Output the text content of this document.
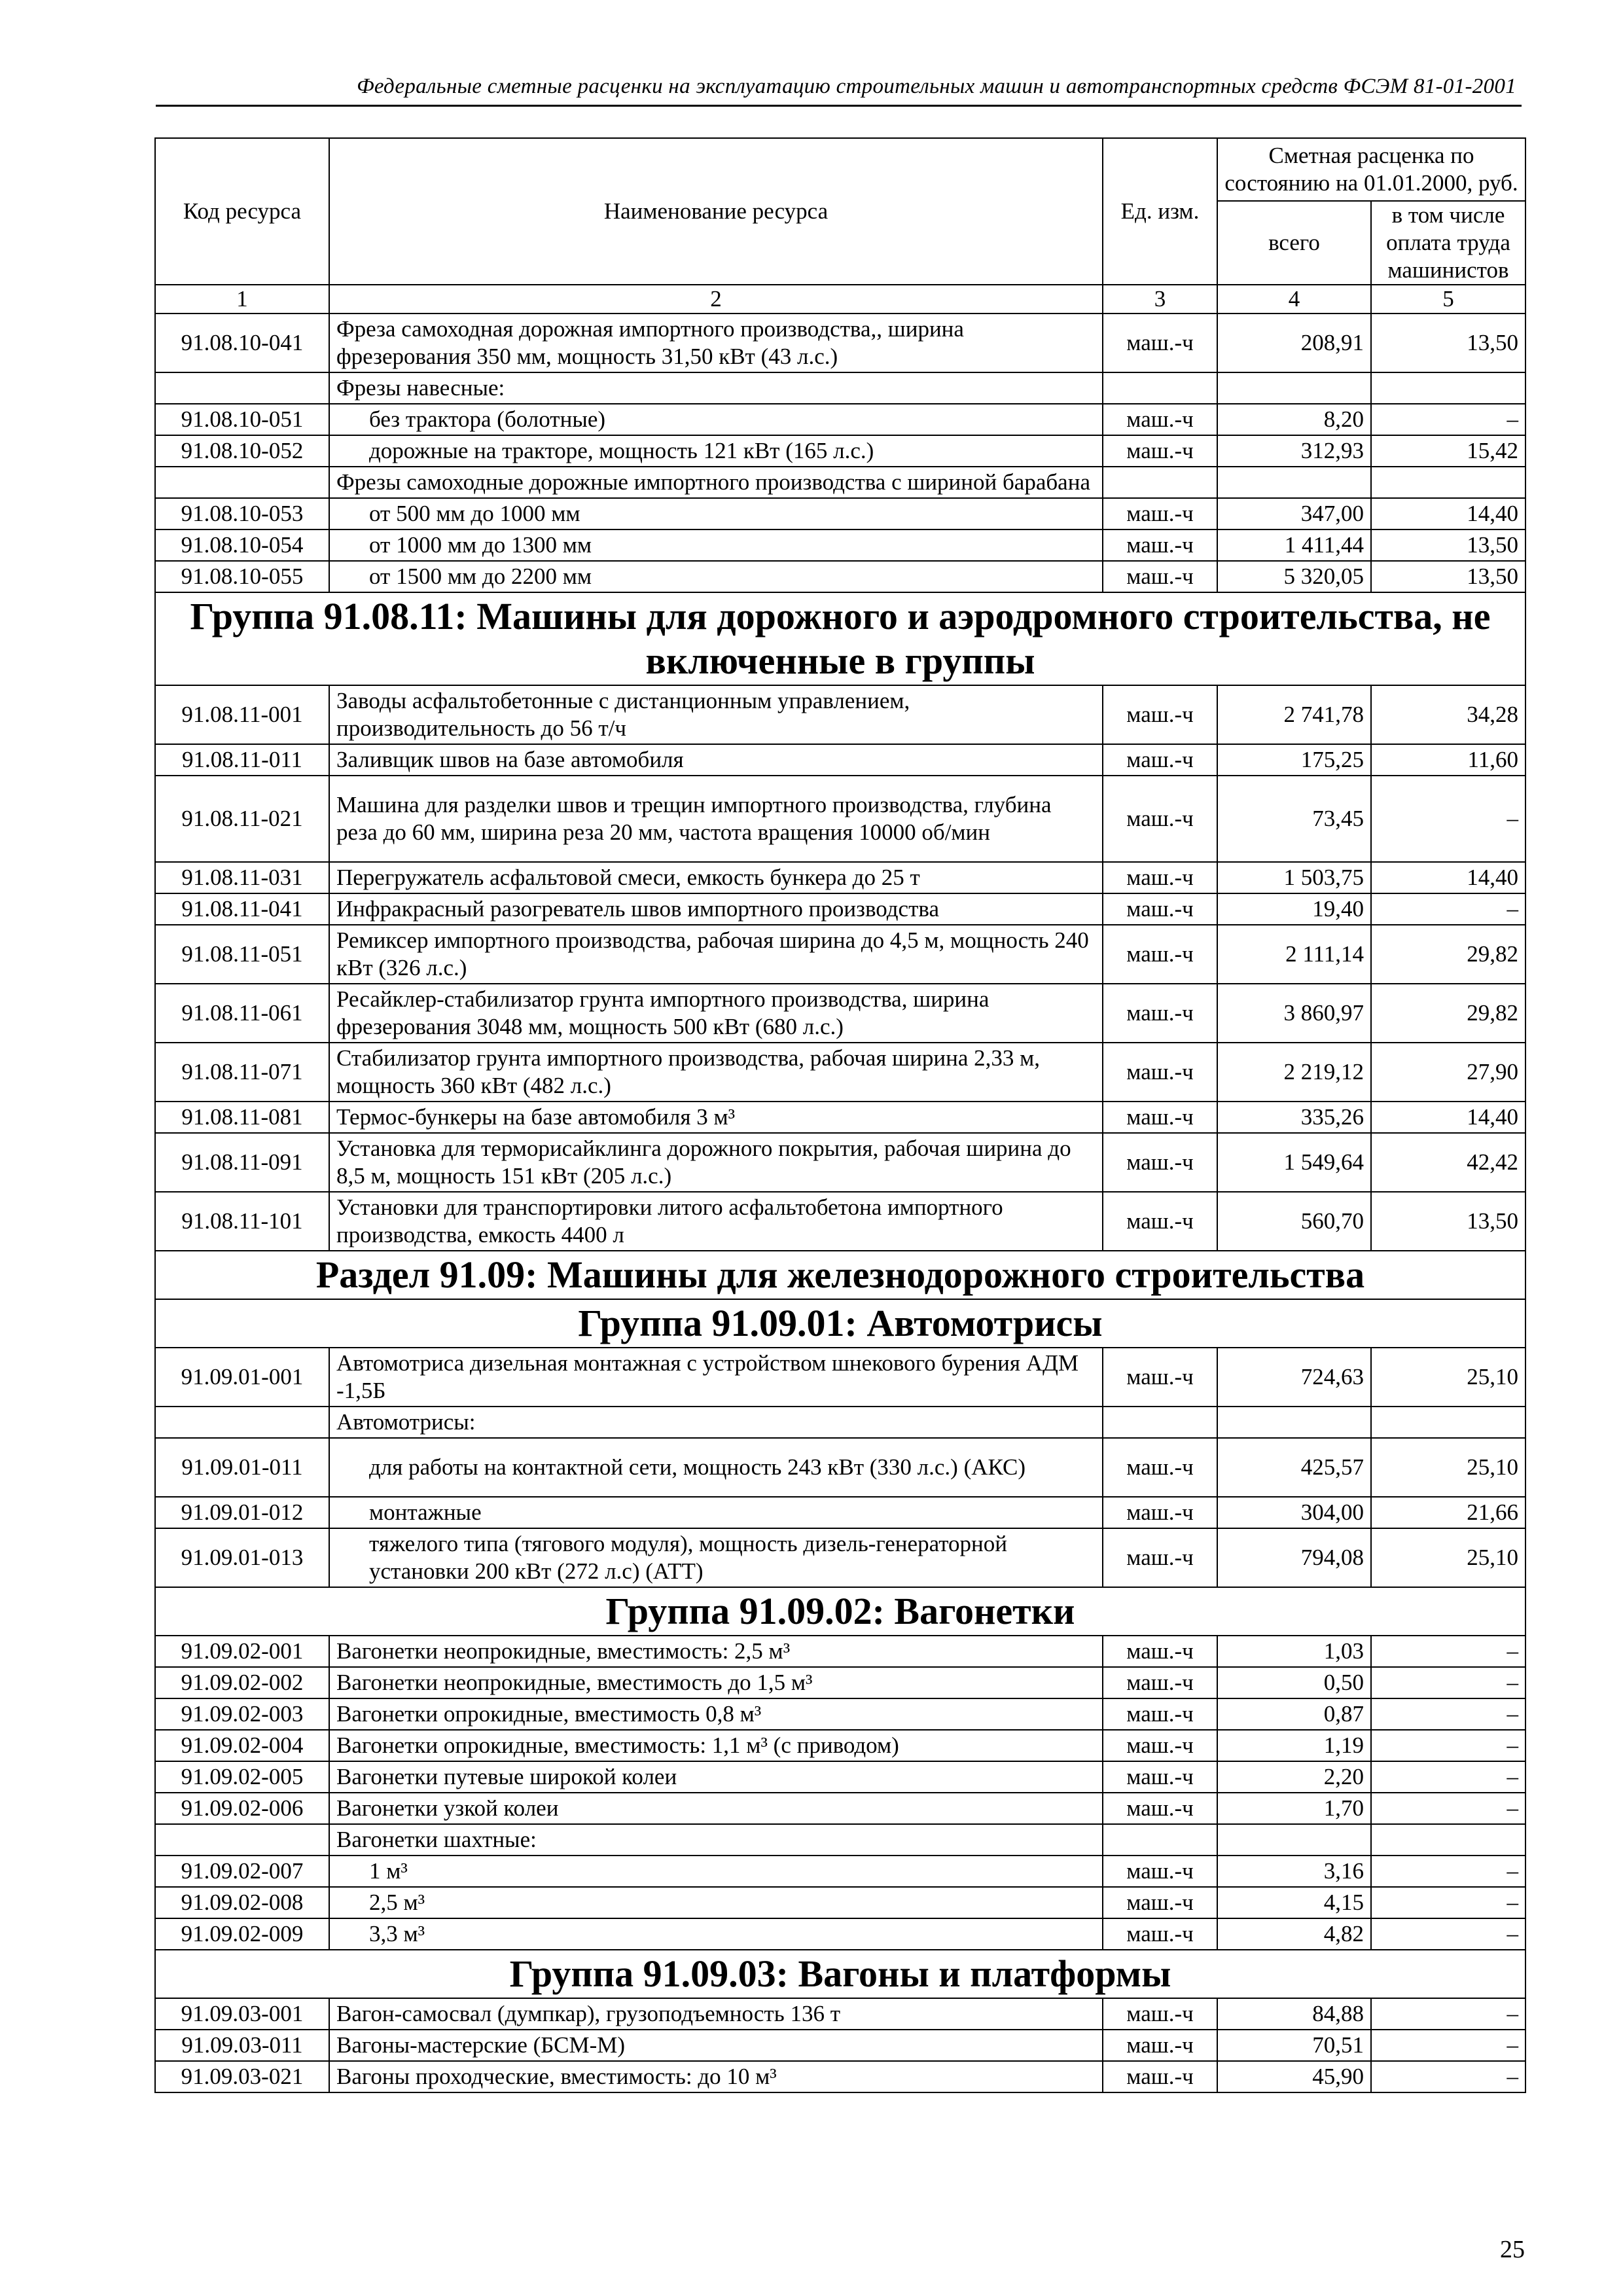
Федеральные сметные расценки на эксплуатацию строительных машин и автотранспортных средств ФСЭМ 81-01-2001
Код ресурса	Наименование ресурса	Ед. изм.	Сметная расценка по состоянию на 01.01.2000, руб.	
			всего	в том числе оплата труда машинистов
1	2	3	4	5
91.08.10-041	Фреза самоходная дорожная импортного производства,, ширина фрезерования 350 мм, мощность 31,50 кВт (43 л.с.)	маш.-ч	208,91	13,50
	Фрезы навесные:			
91.08.10-051	без трактора (болотные)	маш.-ч	8,20	–
91.08.10-052	дорожные на тракторе, мощность 121 кВт (165 л.с.)	маш.-ч	312,93	15,42
	Фрезы самоходные дорожные импортного производства с шириной барабана			
91.08.10-053	от 500 мм до 1000 мм	маш.-ч	347,00	14,40
91.08.10-054	от 1000 мм до 1300 мм	маш.-ч	1 411,44	13,50
91.08.10-055	от 1500 мм до 2200 мм	маш.-ч	5 320,05	13,50
Группа 91.08.11: Машины для дорожного и аэродромного строительства, не включенные в группы				
91.08.11-001	Заводы асфальтобетонные с дистанционным управлением, производительность до 56 т/ч	маш.-ч	2 741,78	34,28
91.08.11-011	Заливщик швов на базе автомобиля	маш.-ч	175,25	11,60
91.08.11-021	Машина для разделки швов и трещин импортного производства, глубина реза до 60 мм, ширина реза 20 мм, частота вращения 10000 об/мин	маш.-ч	73,45	–
91.08.11-031	Перегружатель асфальтовой смеси, емкость бункера до 25 т	маш.-ч	1 503,75	14,40
91.08.11-041	Инфракрасный разогреватель швов импортного производства	маш.-ч	19,40	–
91.08.11-051	Ремиксер импортного производства, рабочая ширина до 4,5 м, мощность 240 кВт (326 л.с.)	маш.-ч	2 111,14	29,82
91.08.11-061	Ресайклер-стабилизатор грунта импортного производства, ширина фрезерования 3048 мм, мощность 500 кВт (680 л.с.)	маш.-ч	3 860,97	29,82
91.08.11-071	Стабилизатор грунта импортного производства, рабочая ширина 2,33 м, мощность 360 кВт (482 л.с.)	маш.-ч	2 219,12	27,90
91.08.11-081	Термос-бункеры на базе автомобиля 3 м³	маш.-ч	335,26	14,40
91.08.11-091	Установка для терморисайклинга дорожного покрытия, рабочая ширина до 8,5 м, мощность 151 кВт (205 л.с.)	маш.-ч	1 549,64	42,42
91.08.11-101	Установки для транспортировки литого асфальтобетона импортного производства, емкость 4400 л	маш.-ч	560,70	13,50
Раздел 91.09: Машины для железнодорожного строительства				
Группа 91.09.01: Автомотрисы				
91.09.01-001	Автомотриса дизельная монтажная с устройством шнекового бурения АДМ -1,5Б	маш.-ч	724,63	25,10
	Автомотрисы:			
91.09.01-011	для работы на контактной сети, мощность 243 кВт (330 л.с.) (АКС)	маш.-ч	425,57	25,10
91.09.01-012	монтажные	маш.-ч	304,00	21,66
91.09.01-013	тяжелого типа (тягового модуля), мощность дизель-генераторной установки 200 кВт (272 л.с) (АТТ)	маш.-ч	794,08	25,10
Группа 91.09.02: Вагонетки				
91.09.02-001	Вагонетки неопрокидные, вместимость: 2,5 м³	маш.-ч	1,03	–
91.09.02-002	Вагонетки неопрокидные, вместимость до 1,5 м³	маш.-ч	0,50	–
91.09.02-003	Вагонетки опрокидные, вместимость 0,8 м³	маш.-ч	0,87	–
91.09.02-004	Вагонетки опрокидные, вместимость: 1,1 м³ (с приводом)	маш.-ч	1,19	–
91.09.02-005	Вагонетки путевые широкой колеи	маш.-ч	2,20	–
91.09.02-006	Вагонетки узкой колеи	маш.-ч	1,70	–
	Вагонетки шахтные:			
91.09.02-007	1 м³	маш.-ч	3,16	–
91.09.02-008	2,5 м³	маш.-ч	4,15	–
91.09.02-009	3,3 м³	маш.-ч	4,82	–
Группа 91.09.03: Вагоны и платформы				
91.09.03-001	Вагон-самосвал (думпкар), грузоподъемность 136 т	маш.-ч	84,88	–
91.09.03-011	Вагоны-мастерские (БСМ-М)	маш.-ч	70,51	–
91.09.03-021	Вагоны проходческие, вместимость: до 10 м³	маш.-ч	45,90	–
25
